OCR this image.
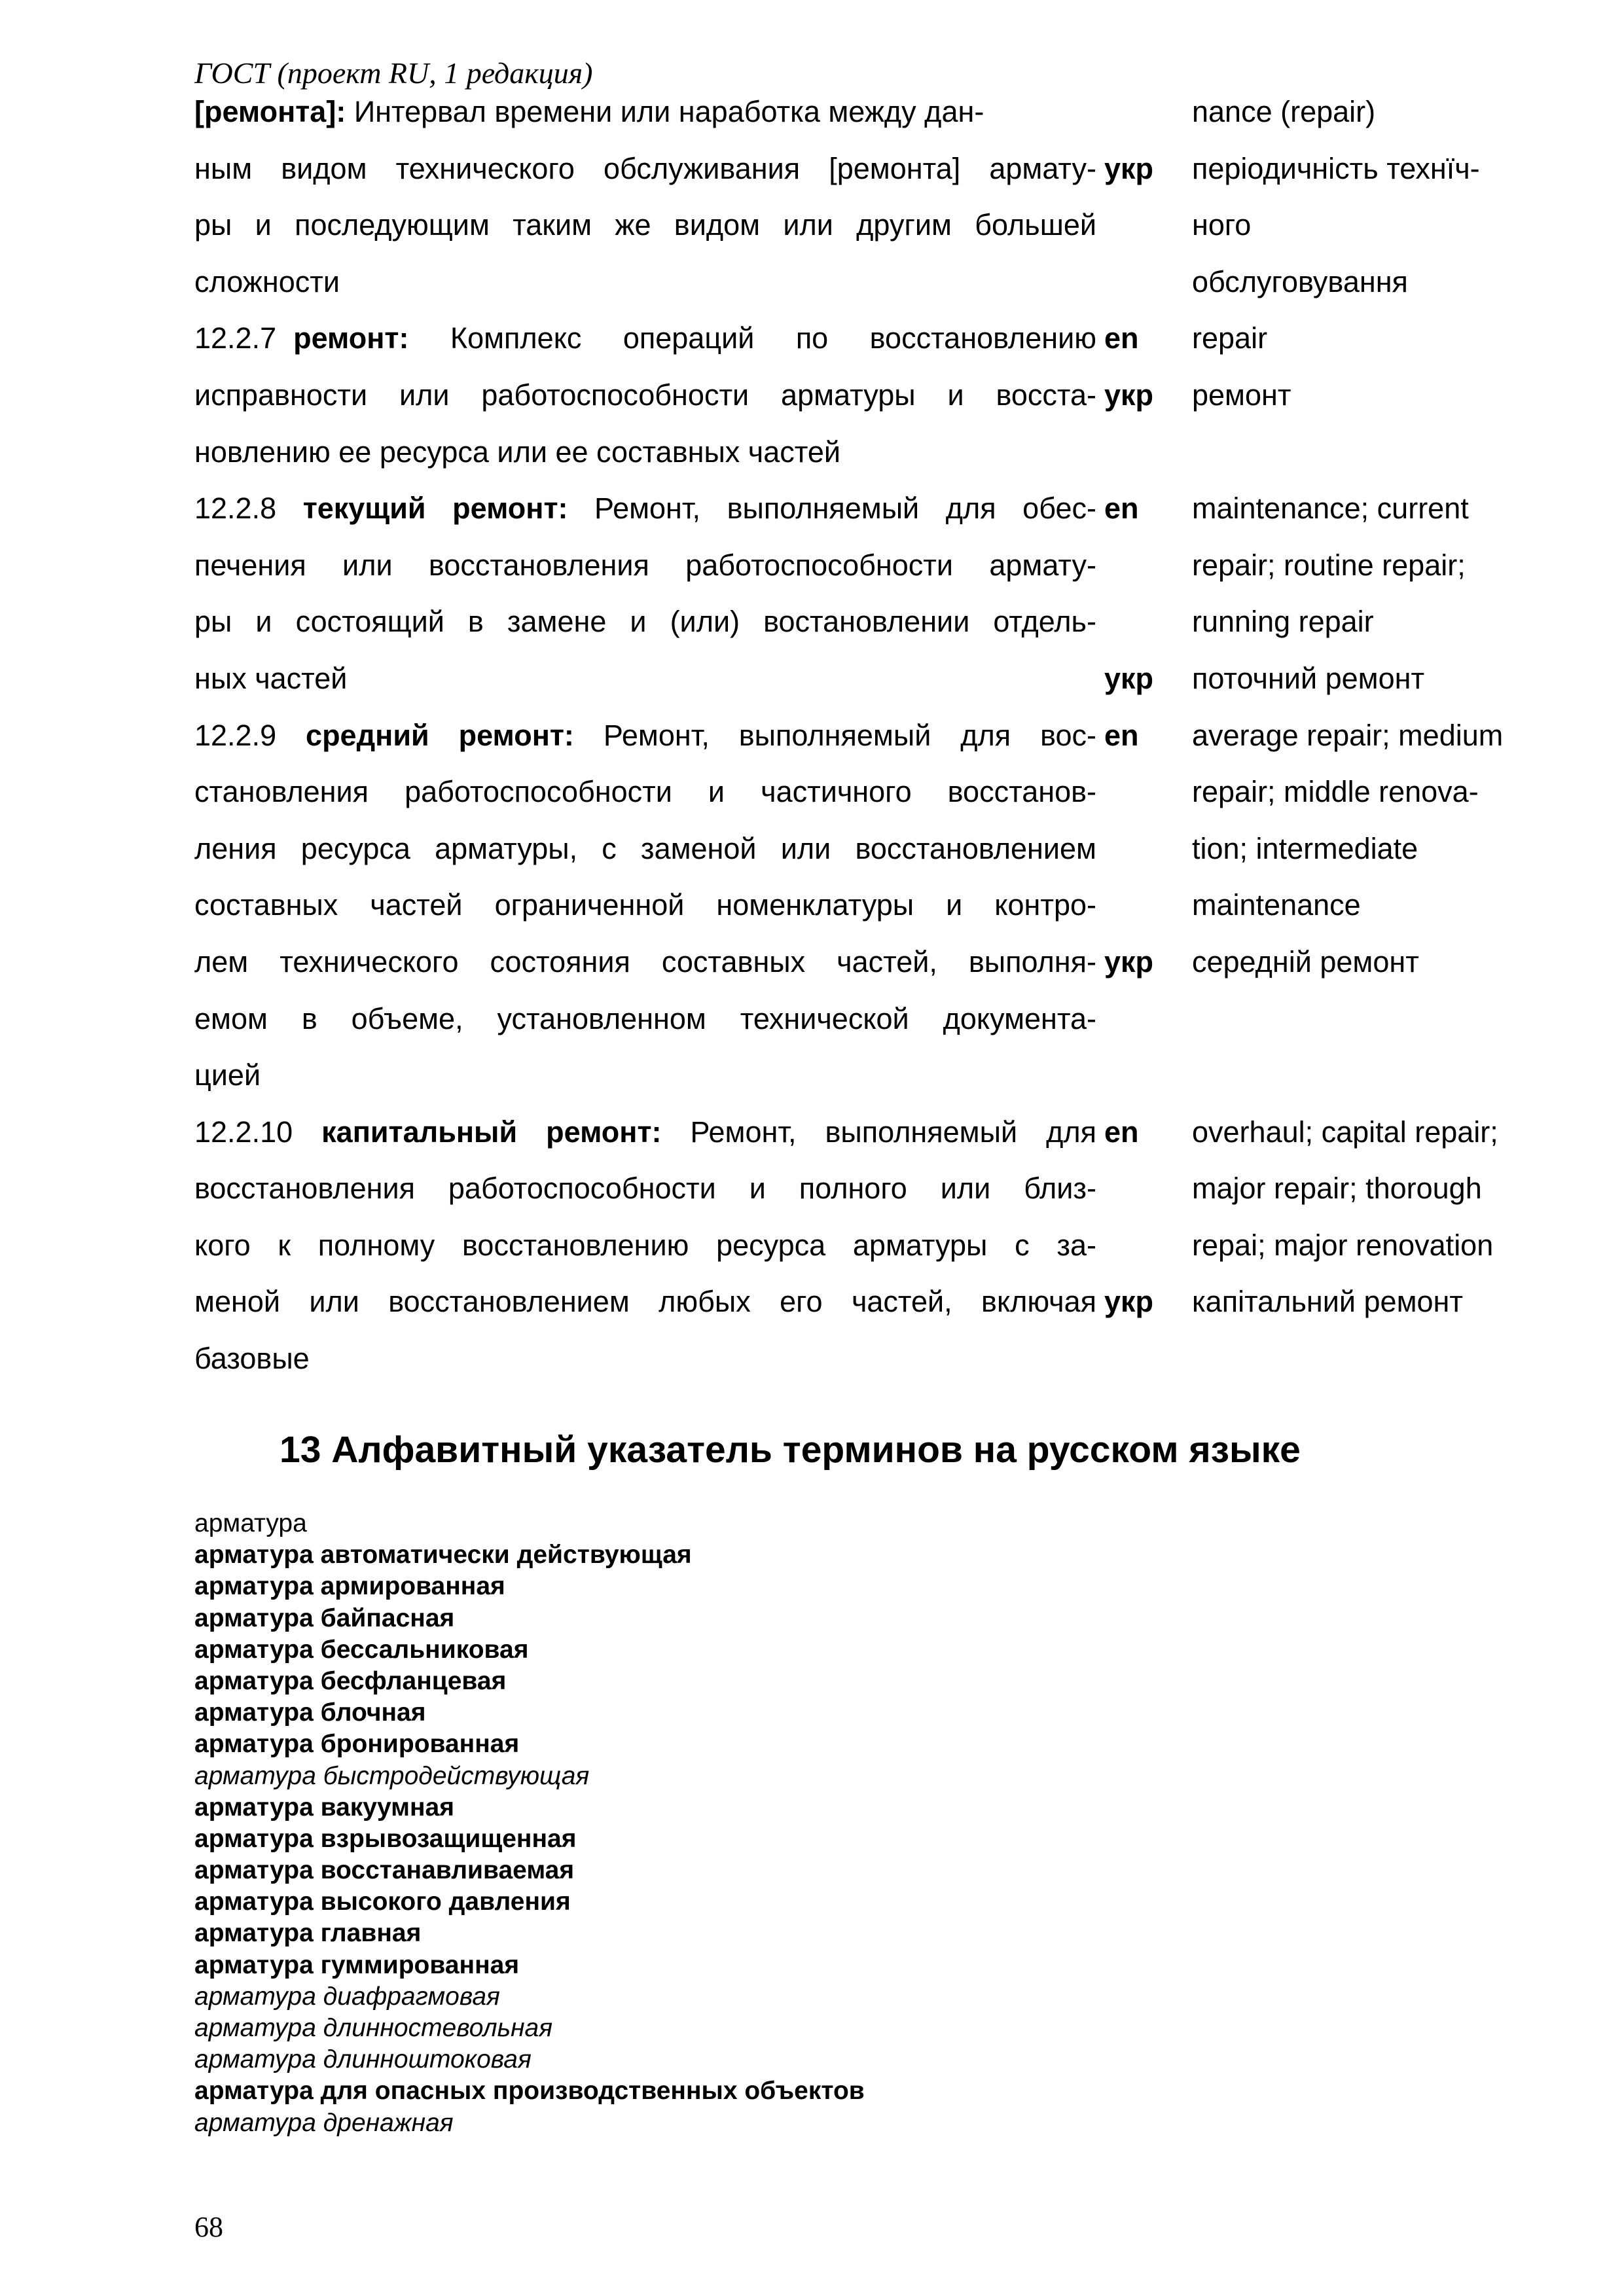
ГОСТ (проект RU, 1 редакция)
[ремонта]: Интервал времени или наработка между дан-	nance (repair)
ным видом технического обслуживания [ремонта] армату- укр періодичність технїч-
ры и последующим таким же видом или другим большей	ного
сложности	обслуговування
12.2.7 ремонт: Комплекс операций по восстановлению en repair
исправности или работоспособности арматуры и восста- укр ремонт
новлению ее ресурса или ее составных частей
12.2.8 текущий ремонт: Ремонт, выполняемый для обес- en maintenance; current
печения или восстановления работоспособности армату-	repair; routine repair;
ры и состоящий в замене и (или) востановлении отдель-	running repair
ных частей	укр поточний ремонт
12.2.9 средний ремонт: Ремонт, выполняемый для вос- en average repair; medium
становления работоспособности и частичного восстанов-	repair; middle renova-
ления ресурса арматуры, с заменой или восстановлением	tion; intermediate
составных частей ограниченной номенклатуры и контро-	maintenance
лем технического состояния составных частей, выполня- укр середній ремонт
емом в объеме, установленном технической документа-
цией
12.2.10 капитальный ремонт: Ремонт, выполняемый для en overhaul; capital repair;
восстановления работоспособности и полного или близ-	major repair; thorough
кого к полному восстановлению ресурса арматуры с за-	repai; major renovation
меной или восстановлением любых его частей, включая укр капітальний ремонт
базовые
13 Алфавитный указатель терминов на русском языке
арматура
арматура автоматически действующая
арматура армированная
арматура байпасная
арматура бессальниковая
арматура бесфланцевая
арматура блочная
арматура бронированная
арматура быстродействующая
арматура вакуумная
арматура взрывозащищенная
арматура восстанавливаемая
арматура высокого давления
арматура главная
арматура гуммированная
арматура диафрагмовая
арматура длинностевольная
арматура длинноштоковая
арматура для опасных производственных объектов
арматура дренажная
68
